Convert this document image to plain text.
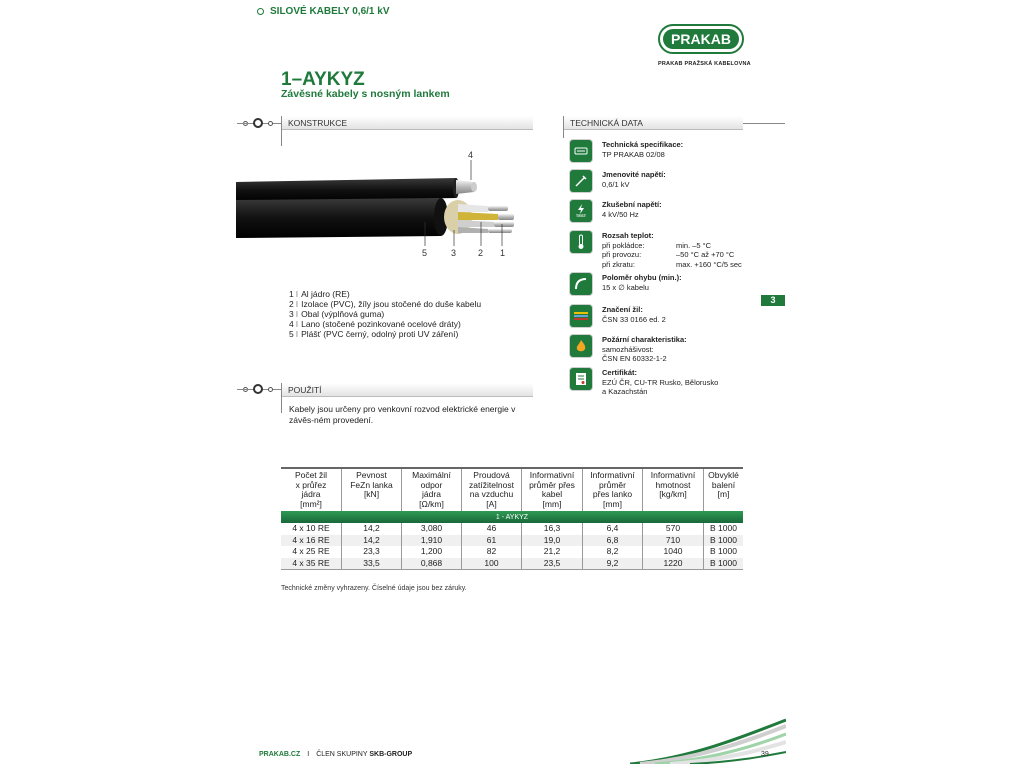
SILOVÉ KABELY 0,6/1 kV
PRAKAB
PRAKAB PRAŽSKÁ KABELOVNA
1–AYKYZ
Závěsné kabely s nosným lankem
KONSTRUKCE	TECHNICKÁ DATA
4
5	3 2 1
1 I Al jádro (RE)
2 I Izolace (PVC), žíly jsou stočené do duše kabelu
3 I Obal (výplňová guma)
4 I Lano (stočené pozinkované ocelové dráty)
5 I Plášť (PVC černý, odolný proti UV záření)
POUŽITÍ
Kabely jsou určeny pro venkovní rozvod elektrické energie v závěs-ném provedení.
Technická specifikace:
TP PRAKAB 02/08
Jmenovité napětí:
0,6/1 kV
TEST
Zkušební napětí:
4 kV/50 Hz
Rozsah teplot:
při pokládce:	min. –5 °C
při provozu:	–50 °C až +70 °C
při zkratu:	max. +160 °C/5 sec
Poloměr ohybu (min.):
15 x ∅ kabelu
Značení žil:
ČSN 33 0166 ed. 2
Požární charakteristika:
samozhášivost:
ČSN EN 60332-1-2
Certifikát:
EZÚ ČR, CU-TR Rusko, Bělorusko
a Kazachstán
3
Počet žil
x průřez
jádra
[mm²]	Pevnost
FeZn lanka
[kN]	Maximální
odpor
jádra
[Ω/km]	Proudová
zatížitelnost
na vzduchu
[A]	Informativní
průměr přes
kabel
[mm]	Informativní
průměr
přes lanko
[mm]	Informativní
hmotnost
[kg/km]	Obvyklé
balení
[m]
1 - AYKYZ							
4 x 10 RE	14,2	3,080	46	16,3	6,4	570	B 1000
4 x 16 RE	14,2	1,910	61	19,0	6,8	710	B 1000
4 x 25 RE	23,3	1,200	82	21,2	8,2	1040	B 1000
4 x 35 RE	33,5	0,868	100	23,5	9,2	1220	B 1000
Technické změny vyhrazeny. Číselné údaje jsou bez záruky.
PRAKAB.CZ I ČLEN SKUPINY SKB-GROUP	39
